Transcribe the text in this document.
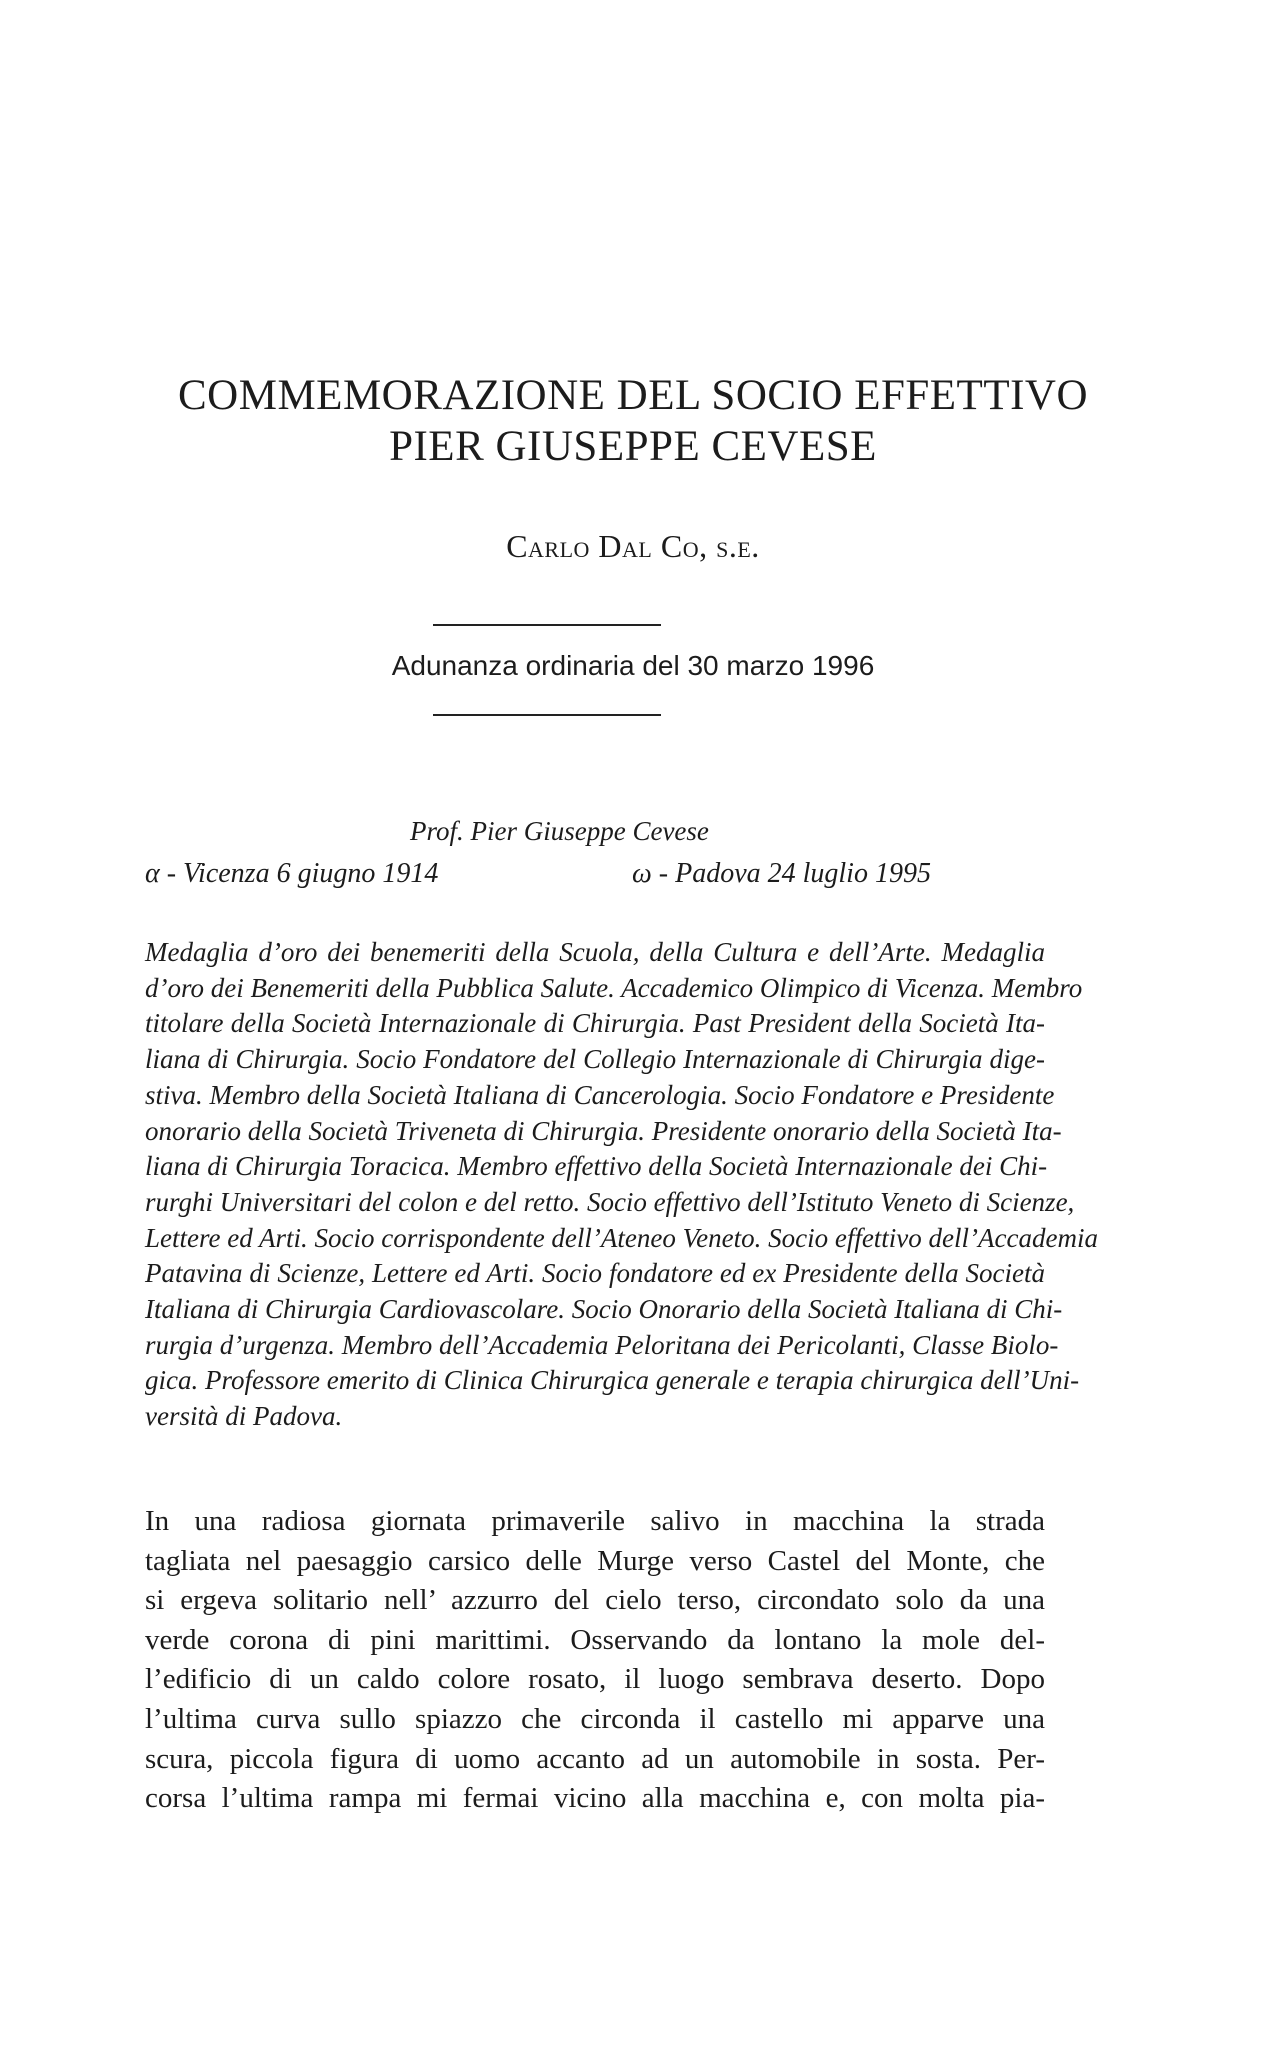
COMMEMORAZIONE DEL SOCIO EFFETTIVO
PIER GIUSEPPE CEVESE
Carlo Dal Co, s.e.
Adunanza ordinaria del 30 marzo 1996
Prof. Pier Giuseppe Cevese
α - Vicenza 6 giugno 1914	ω - Padova 24 luglio 1995
Medaglia d’oro dei benemeriti della Scuola, della Cultura e dell’Arte. Medaglia
d’oro dei Benemeriti della Pubblica Salute. Accademico Olimpico di Vicenza. Membro
titolare della Società Internazionale di Chirurgia. Past President della Società Ita-
liana di Chirurgia. Socio Fondatore del Collegio Internazionale di Chirurgia dige-
stiva. Membro della Società Italiana di Cancerologia. Socio Fondatore e Presidente
onorario della Società Triveneta di Chirurgia. Presidente onorario della Società Ita-
liana di Chirurgia Toracica. Membro effettivo della Società Internazionale dei Chi-
rurghi Universitari del colon e del retto. Socio effettivo dell’Istituto Veneto di Scienze,
Lettere ed Arti. Socio corrispondente dell’Ateneo Veneto. Socio effettivo dell’Accademia
Patavina di Scienze, Lettere ed Arti. Socio fondatore ed ex Presidente della Società
Italiana di Chirurgia Cardiovascolare. Socio Onorario della Società Italiana di Chi-
rurgia d’urgenza. Membro dell’Accademia Peloritana dei Pericolanti, Classe Biolo-
gica. Professore emerito di Clinica Chirurgica generale e terapia chirurgica dell’Uni-
versità di Padova.
In una radiosa giornata primaverile salivo in macchina la strada
tagliata nel paesaggio carsico delle Murge verso Castel del Monte, che
si ergeva solitario nell’ azzurro del cielo terso, circondato solo da una
verde corona di pini marittimi. Osservando da lontano la mole del-
l’edificio di un caldo colore rosato, il luogo sembrava deserto. Dopo
l’ultima curva sullo spiazzo che circonda il castello mi apparve una
scura, piccola figura di uomo accanto ad un automobile in sosta. Per-
corsa l’ultima rampa mi fermai vicino alla macchina e, con molta pia-
